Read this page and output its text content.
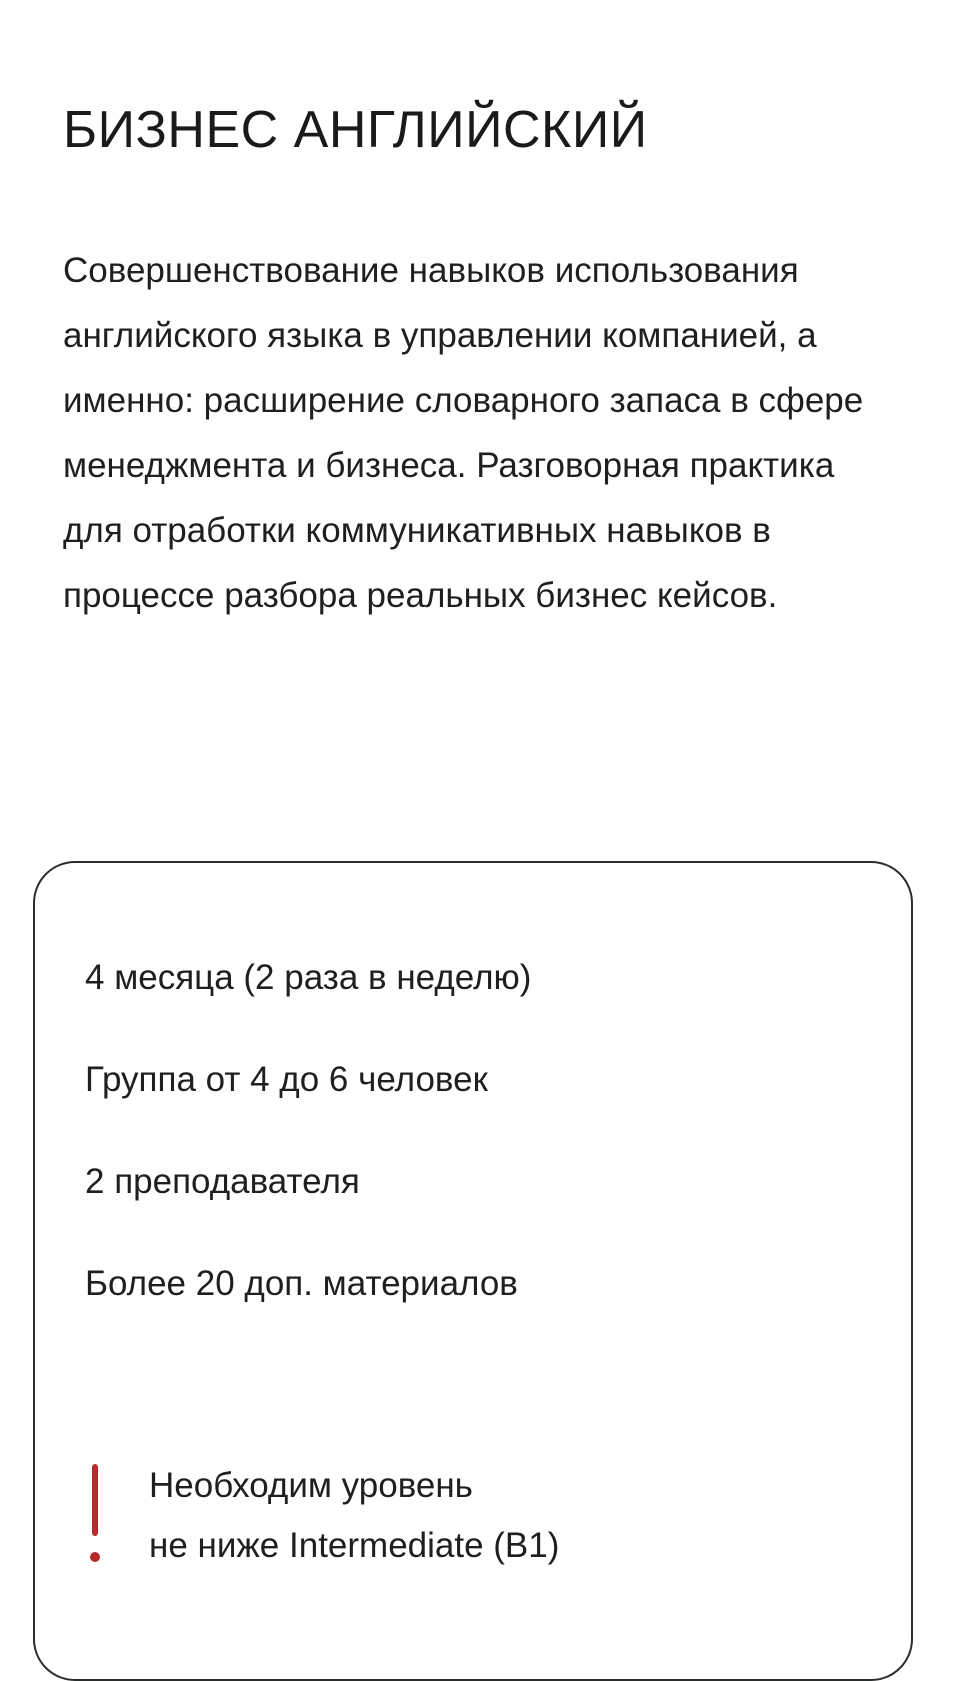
БИЗНЕС АНГЛИЙСКИЙ

Совершенствование навыков использования английского языка в управлении компанией, а именно: расширение словарного запаса в сфере менеджмента и бизнеса. Разговорная практика для отработки коммуникативных навыков в процессе разбора реальных бизнес кейсов.

4 месяца (2 раза в неделю)

Группа от 4 до 6 человек

2 преподавателя

Более 20 доп. материалов

Необходим уровень
не ниже Intermediate (B1)
